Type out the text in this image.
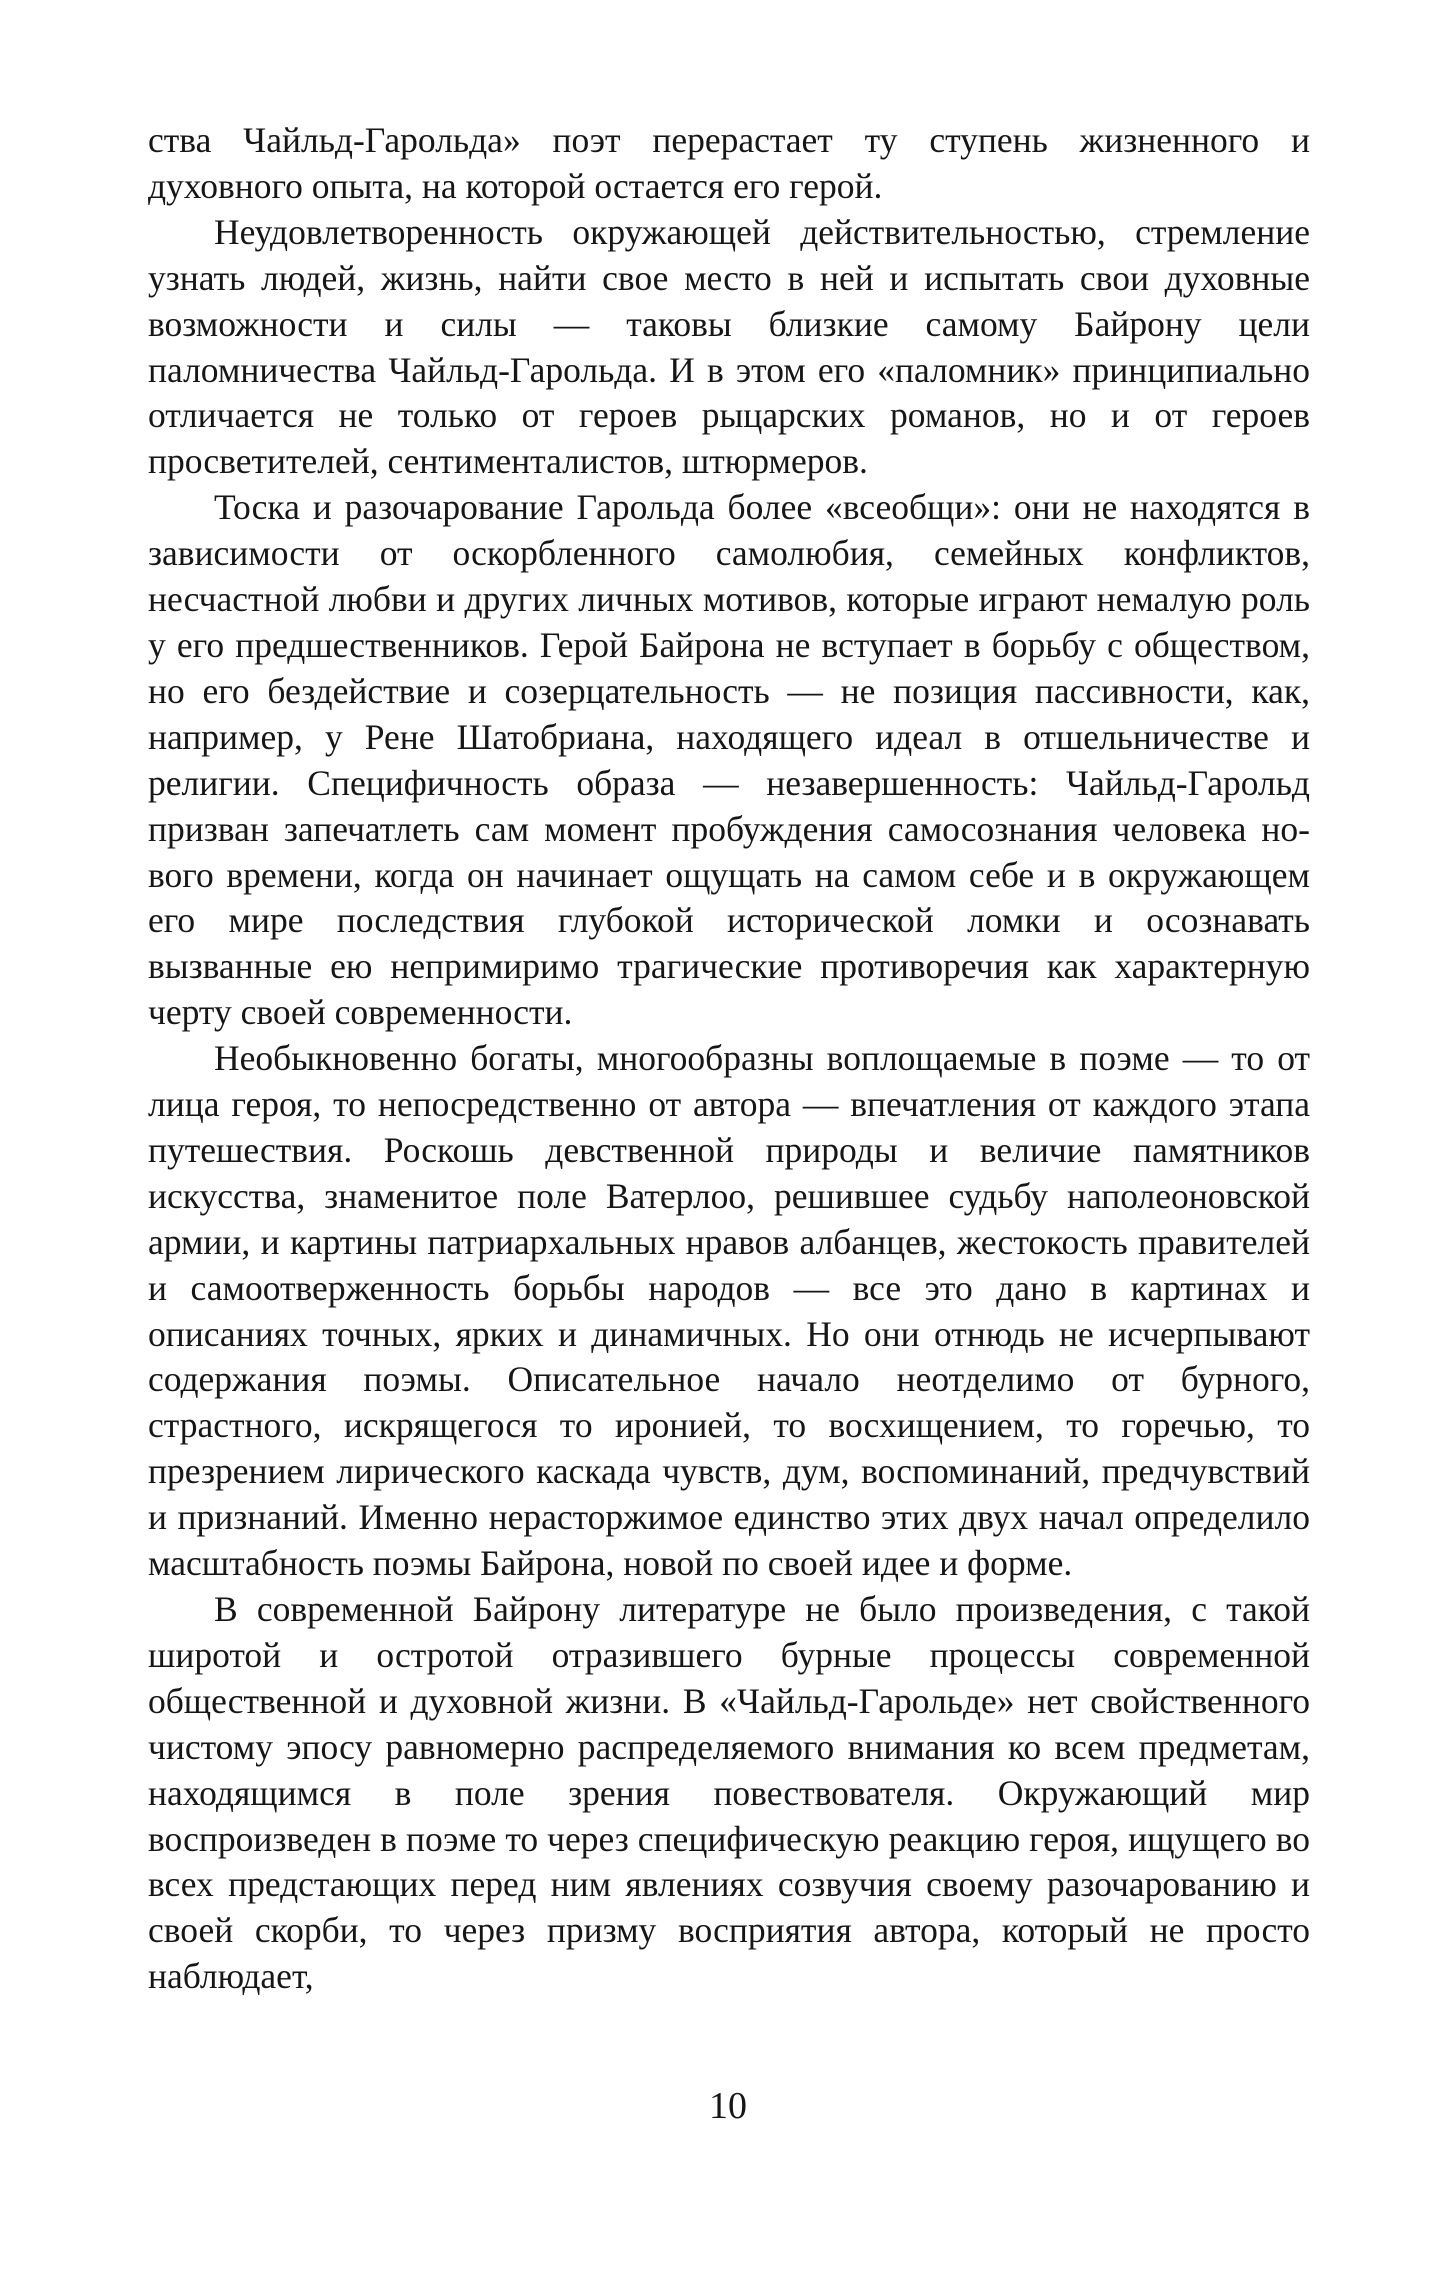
ства Чайльд-Гарольда» поэт перерастает ту ступень жизненного и духовного опыта, на которой остается его герой.

Неудовлетворенность окружающей действительностью, стремление узнать людей, жизнь, найти свое место в ней и испытать свои духовные возможности и силы — таковы близкие самому Байрону цели паломничества Чайльд-Гарольда. И в этом его «паломник» принципиально отличается не только от героев рыцарских романов, но и от героев просветителей, сентименталистов, штюрмеров.

Тоска и разочарование Гарольда более «всеобщи»: они не находятся в зависимости от оскорбленного самолюбия, семейных конфликтов, несчастной любви и других личных мотивов, которые играют немалую роль у его предшественников. Герой Байрона не вступает в борьбу с обществом, но его бездействие и созерцательность — не позиция пассивности, как, например, у Рене Шатобриана, находящего идеал в отшельничестве и религии. Специфичность образа — незавершенность: Чайльд-Гарольд призван запечатлеть сам момент пробуждения самосознания человека нового времени, когда он начинает ощущать на самом себе и в окружающем его мире последствия глубокой исторической ломки и осознавать вызванные ею непримиримо трагические противоречия как характерную черту своей современности.

Необыкновенно богаты, многообразны воплощаемые в поэме — то от лица героя, то непосредственно от автора — впечатления от каждого этапа путешествия. Роскошь девственной природы и величие памятников искусства, знаменитое поле Ватерлоо, решившее судьбу наполеоновской армии, и картины патриархальных нравов албанцев, жестокость правителей и самоотверженность борьбы народов — все это дано в картинах и описаниях точных, ярких и динамичных. Но они отнюдь не исчерпывают содержания поэмы. Описательное начало неотделимо от бурного, страстного, искрящегося то иронией, то восхищением, то горечью, то презрением лирического каскада чувств, дум, воспоминаний, предчувствий и признаний. Именно нерасторжимое единство этих двух начал определило масштабность поэмы Байрона, новой по своей идее и форме.

В современной Байрону литературе не было произведения, с такой широтой и остротой отразившего бурные процессы современной общественной и духовной жизни. В «Чайльд-Гарольде» нет свойственного чистому эпосу равномерно распределяемого внимания ко всем предметам, находящимся в поле зрения повествователя. Окружающий мир воспроизведен в поэме то через специфическую реакцию героя, ищущего во всех предстающих перед ним явлениях созвучия своему разочарованию и своей скорби, то через призму восприятия автора, который не просто наблюдает,

10
